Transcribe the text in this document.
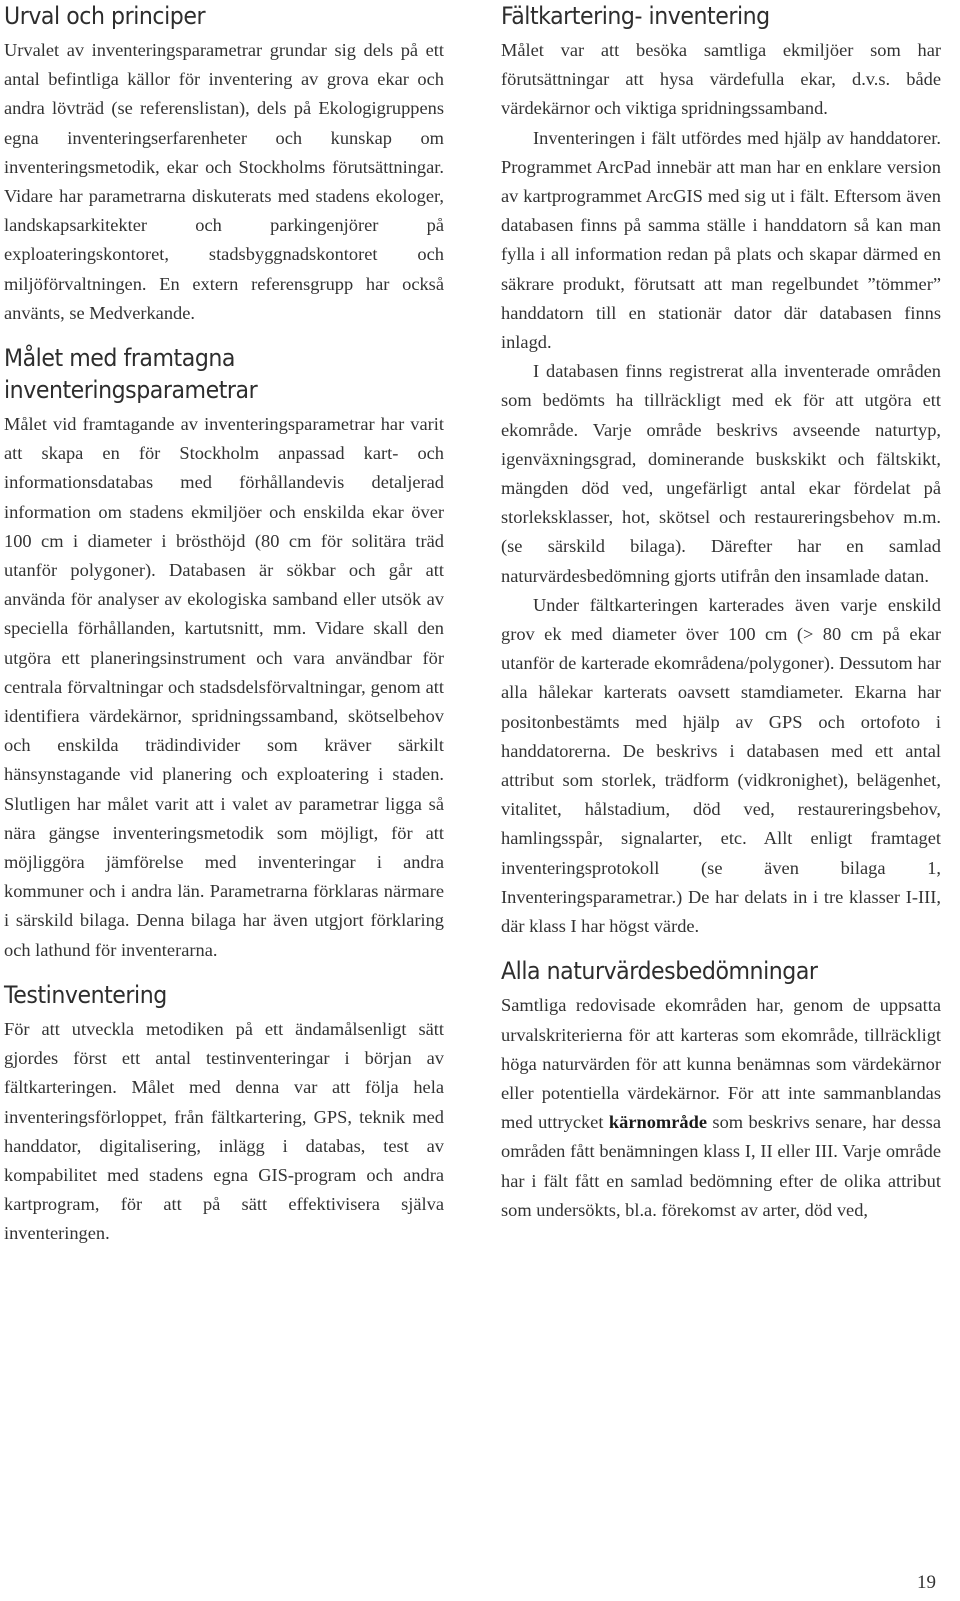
Urval och principer

Urvalet av inventeringsparametrar grundar sig dels på ett antal befintliga källor för inventering av grova ekar och andra lövträd (se referenslistan), dels på Ekologigruppens egna inventeringserfarenheter och kunskap om inventeringsmetodik, ekar och Stockholms förutsättningar. Vidare har parametrarna diskuterats med stadens ekologer, landskapsarkitekter och parkingenjörer på exploateringskontoret, stadsbyggnadskontoret och miljöförvaltningen. En extern referensgrupp har också använts, se Medverkande.

Målet med framtagna inventeringsparametrar

Målet vid framtagande av inventeringsparametrar har varit att skapa en för Stockholm anpassad kart- och informationsdatabas med förhållandevis detaljerad information om stadens ekmiljöer och enskilda ekar över 100 cm i diameter i brösthöjd (80 cm för solitära träd utanför polygoner). Databasen är sökbar och går att använda för analyser av ekologiska samband eller utsök av speciella förhållanden, kartutsnitt, mm. Vidare skall den utgöra ett planeringsinstrument och vara användbar för centrala förvaltningar och stadsdelsförvaltningar, genom att identifiera värdekärnor, spridningssamband, skötselbehov och enskilda trädindivider som kräver särkilt hänsynstagande vid planering och exploatering i staden. Slutligen har målet varit att i valet av parametrar ligga så nära gängse inventeringsmetodik som möjligt, för att möjliggöra jämförelse med inventeringar i andra kommuner och i andra län. Parametrarna förklaras närmare i särskild bilaga. Denna bilaga har även utgjort förklaring och lathund för inventerarna.

Testinventering

För att utveckla metodiken på ett ändamålsenligt sätt gjordes först ett antal testinventeringar i början av fältkarteringen. Målet med denna var att följa hela inventeringsförloppet, från fältkartering, GPS, teknik med handdator, digitalisering, inlägg i databas, test av kompabilitet med stadens egna GIS-program och andra kartprogram, för att på sätt effektivisera själva inventeringen.

Fältkartering- inventering

Målet var att besöka samtliga ekmiljöer som har förutsättningar att hysa värdefulla ekar, d.v.s. både värdekärnor och viktiga spridningssamband.

Inventeringen i fält utfördes med hjälp av handdatorer. Programmet ArcPad innebär att man har en enklare version av kartprogrammet ArcGIS med sig ut i fält. Eftersom även databasen finns på samma ställe i handdatorn så kan man fylla i all information redan på plats och skapar därmed en säkrare produkt, förutsatt att man regelbundet ”tömmer” handdatorn till en stationär dator där databasen finns inlagd.

I databasen finns registrerat alla inventerade områden som bedömts ha tillräckligt med ek för att utgöra ett ekområde. Varje område beskrivs avseende naturtyp, igenväxningsgrad, dominerande buskskikt och fältskikt, mängden död ved, ungefärligt antal ekar fördelat på storleksklasser, hot, skötsel och restaureringsbehov m.m. (se särskild bilaga). Därefter har en samlad naturvärdesbedömning gjorts utifrån den insamlade datan.

Under fältkarteringen karterades även varje enskild grov ek med diameter över 100 cm (> 80 cm på ekar utanför de karterade ekområdena/polygoner). Dessutom har alla hålekar karterats oavsett stamdiameter. Ekarna har positonbestämts med hjälp av GPS och ortofoto i handdatorerna. De beskrivs i databasen med ett antal attribut som storlek, trädform (vidkronighet), belägenhet, vitalitet, hålstadium, död ved, restaureringsbehov, hamlingsspår, signalarter, etc. Allt enligt framtaget inventeringsprotokoll (se även bilaga 1, Inventeringsparametrar.) De har delats in i tre klasser I-III, där klass I har högst värde.

Alla naturvärdesbedömningar

Samtliga redovisade ekområden har, genom de uppsatta urvalskriterierna för att karteras som ekområde, tillräckligt höga naturvärden för att kunna benämnas som värdekärnor eller potentiella värdekärnor. För att inte sammanblandas med uttrycket kärnområde som beskrivs senare, har dessa områden fått benämningen klass I, II eller III. Varje område har i fält fått en samlad bedömning efter de olika attribut som undersökts, bl.a. förekomst av arter, död ved,

19
